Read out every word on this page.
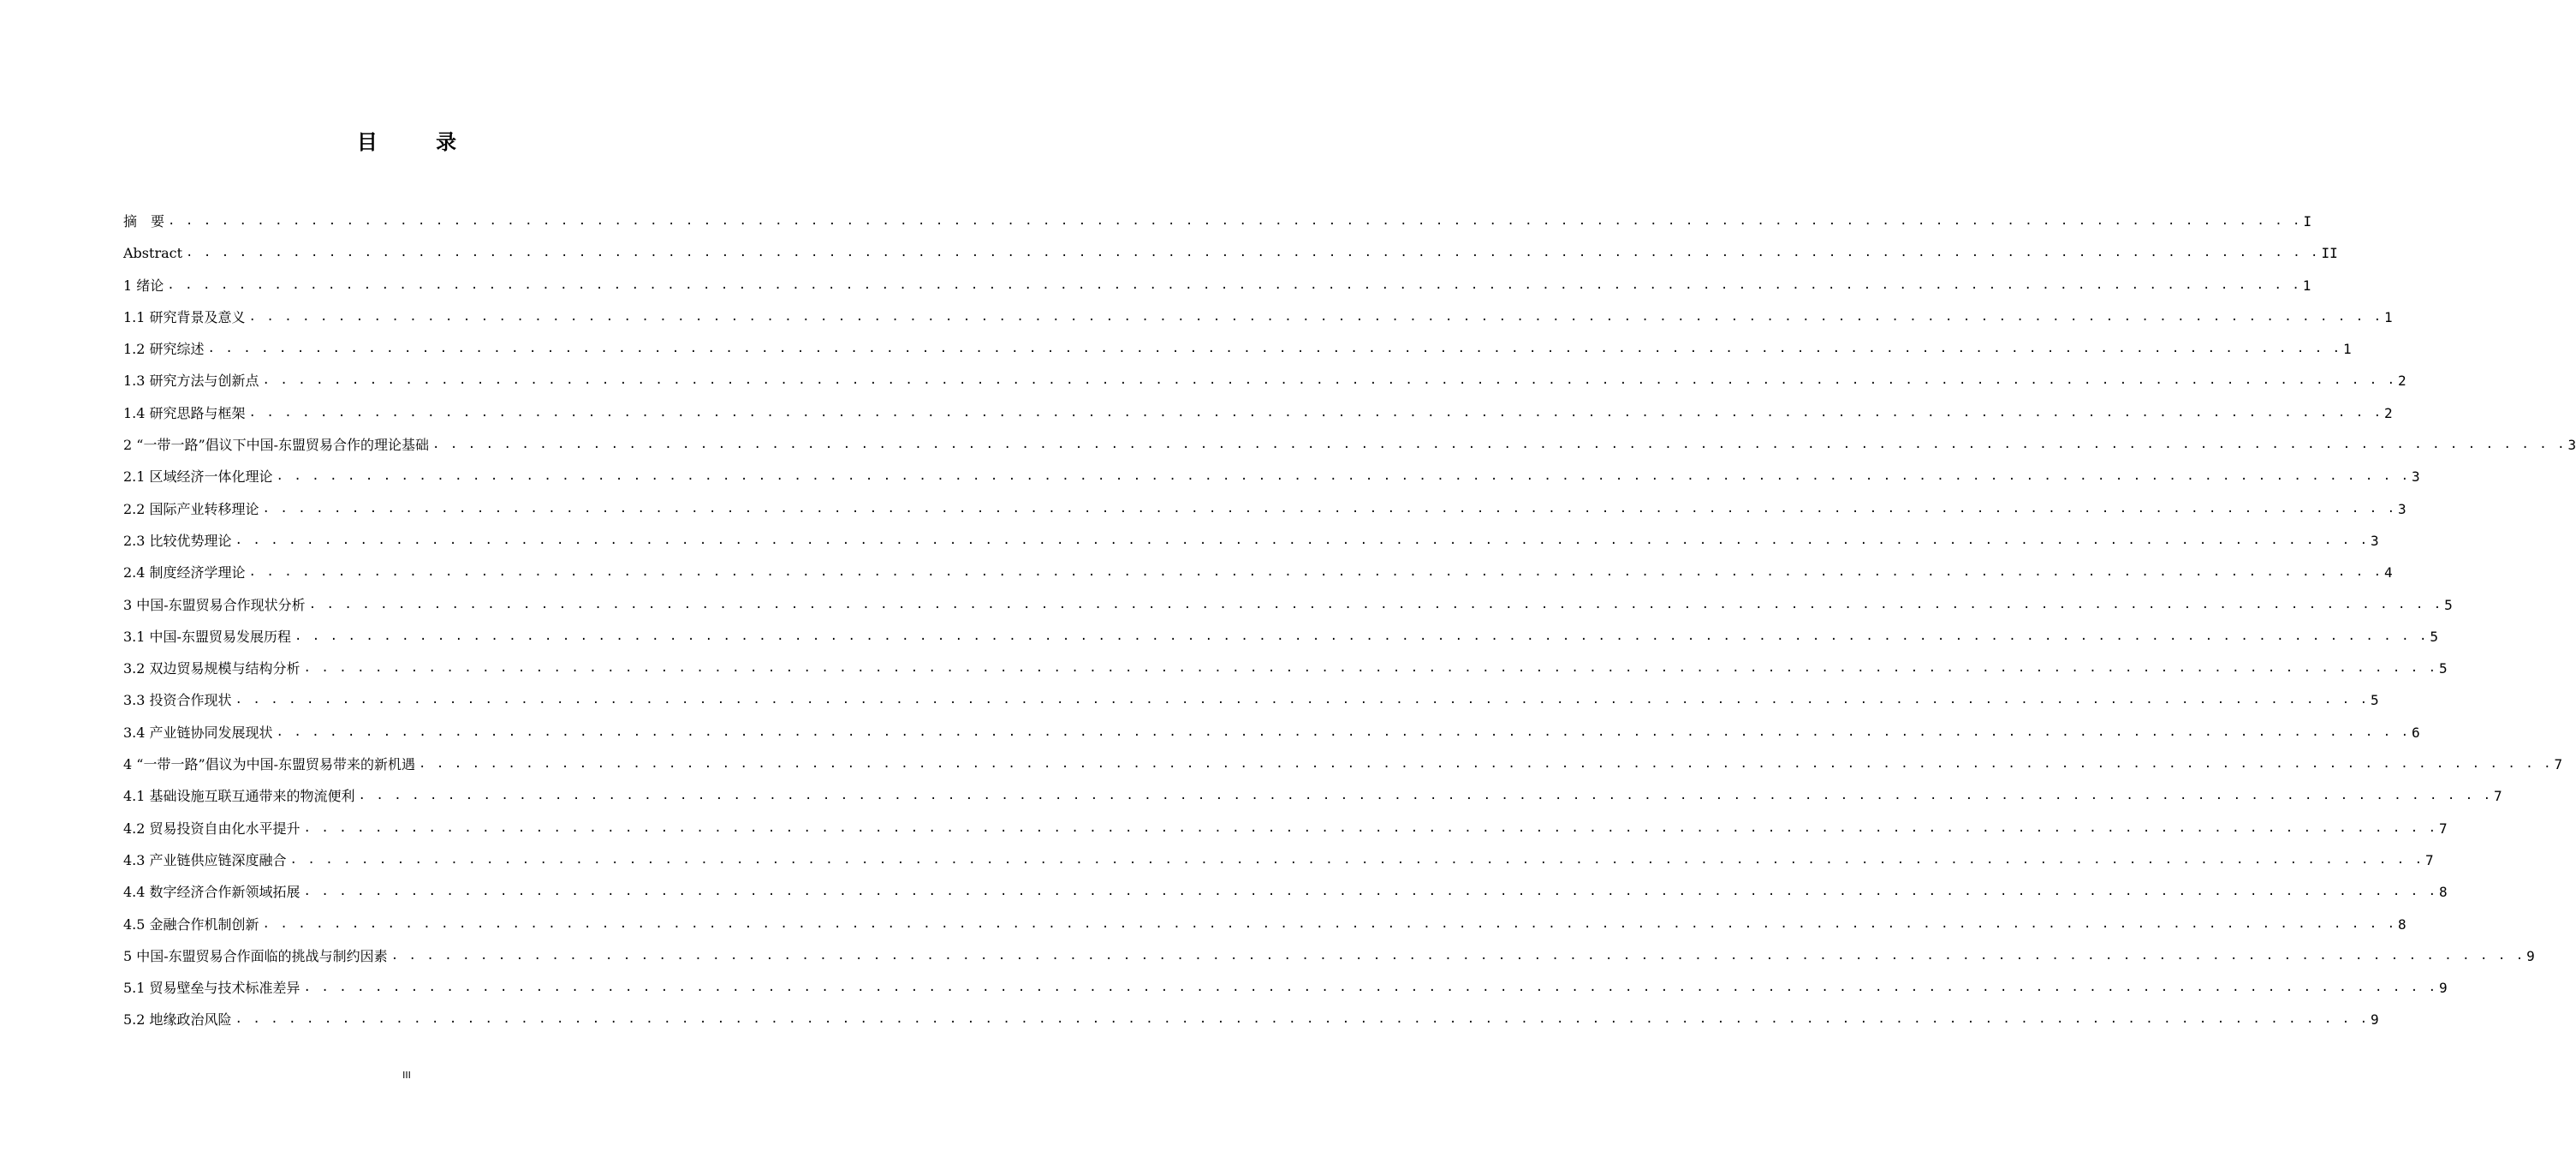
目 录
摘　要 . . . . . . . . . . . . . . . . . . . . . . . . . . . . . . . . . . . . . . . . . . . . . . . . . . . . . . . . . . . . . . . . . . . . . . . . . . . . . . . . . . . . . . . . . . . . . . . . . . . . . . . . . . . . . . . . . . . . . . . . I
Abstract . . . . . . . . . . . . . . . . . . . . . . . . . . . . . . . . . . . . . . . . . . . . . . . . . . . . . . . . . . . . . . . . . . . . . . . . . . . . . . . . . . . . . . . . . . . . . . . . . . . . . . . . . . . . . . . . . . . . . . . . II
1 绪论 . . . . . . . . . . . . . . . . . . . . . . . . . . . . . . . . . . . . . . . . . . . . . . . . . . . . . . . . . . . . . . . . . . . . . . . . . . . . . . . . . . . . . . . . . . . . . . . . . . . . . . . . . . . . . . . . . . . . . . . . 1
1.1 研究背景及意义 . . . . . . . . . . . . . . . . . . . . . . . . . . . . . . . . . . . . . . . . . . . . . . . . . . . . . . . . . . . . . . . . . . . . . . . . . . . . . . . . . . . . . . . . . . . . . . . . . . . . . . . . . . . . . . . . . . . . . . . . 1
1.2 研究综述 . . . . . . . . . . . . . . . . . . . . . . . . . . . . . . . . . . . . . . . . . . . . . . . . . . . . . . . . . . . . . . . . . . . . . . . . . . . . . . . . . . . . . . . . . . . . . . . . . . . . . . . . . . . . . . . . . . . . . . . . 1
1.3 研究方法与创新点 . . . . . . . . . . . . . . . . . . . . . . . . . . . . . . . . . . . . . . . . . . . . . . . . . . . . . . . . . . . . . . . . . . . . . . . . . . . . . . . . . . . . . . . . . . . . . . . . . . . . . . . . . . . . . . . . . . . . . . . . 2
1.4 研究思路与框架 . . . . . . . . . . . . . . . . . . . . . . . . . . . . . . . . . . . . . . . . . . . . . . . . . . . . . . . . . . . . . . . . . . . . . . . . . . . . . . . . . . . . . . . . . . . . . . . . . . . . . . . . . . . . . . . . . . . . . . . . 2
2 “一带一路”倡议下中国-东盟贸易合作的理论基础 . . . . . . . . . . . . . . . . . . . . . . . . . . . . . . . . . . . . . . . . . . . . . . . . . . . . . . . . . . . . . . . . . . . . . . . . . . . . . . . . . . . . . . . . . . . . . . . . . . . . . . . . . . . . . . . . . . . . . . . . 3
2.1 区域经济一体化理论 . . . . . . . . . . . . . . . . . . . . . . . . . . . . . . . . . . . . . . . . . . . . . . . . . . . . . . . . . . . . . . . . . . . . . . . . . . . . . . . . . . . . . . . . . . . . . . . . . . . . . . . . . . . . . . . . . . . . . . . . 3
2.2 国际产业转移理论 . . . . . . . . . . . . . . . . . . . . . . . . . . . . . . . . . . . . . . . . . . . . . . . . . . . . . . . . . . . . . . . . . . . . . . . . . . . . . . . . . . . . . . . . . . . . . . . . . . . . . . . . . . . . . . . . . . . . . . . . 3
2.3 比较优势理论 . . . . . . . . . . . . . . . . . . . . . . . . . . . . . . . . . . . . . . . . . . . . . . . . . . . . . . . . . . . . . . . . . . . . . . . . . . . . . . . . . . . . . . . . . . . . . . . . . . . . . . . . . . . . . . . . . . . . . . . . 3
2.4 制度经济学理论 . . . . . . . . . . . . . . . . . . . . . . . . . . . . . . . . . . . . . . . . . . . . . . . . . . . . . . . . . . . . . . . . . . . . . . . . . . . . . . . . . . . . . . . . . . . . . . . . . . . . . . . . . . . . . . . . . . . . . . . . 4
3 中国-东盟贸易合作现状分析 . . . . . . . . . . . . . . . . . . . . . . . . . . . . . . . . . . . . . . . . . . . . . . . . . . . . . . . . . . . . . . . . . . . . . . . . . . . . . . . . . . . . . . . . . . . . . . . . . . . . . . . . . . . . . . . . . . . . . . . . 5
3.1 中国-东盟贸易发展历程 . . . . . . . . . . . . . . . . . . . . . . . . . . . . . . . . . . . . . . . . . . . . . . . . . . . . . . . . . . . . . . . . . . . . . . . . . . . . . . . . . . . . . . . . . . . . . . . . . . . . . . . . . . . . . . . . . . . . . . . . 5
3.2 双边贸易规模与结构分析 . . . . . . . . . . . . . . . . . . . . . . . . . . . . . . . . . . . . . . . . . . . . . . . . . . . . . . . . . . . . . . . . . . . . . . . . . . . . . . . . . . . . . . . . . . . . . . . . . . . . . . . . . . . . . . . . . . . . . . . . 5
3.3 投资合作现状 . . . . . . . . . . . . . . . . . . . . . . . . . . . . . . . . . . . . . . . . . . . . . . . . . . . . . . . . . . . . . . . . . . . . . . . . . . . . . . . . . . . . . . . . . . . . . . . . . . . . . . . . . . . . . . . . . . . . . . . . 5
3.4 产业链协同发展现状 . . . . . . . . . . . . . . . . . . . . . . . . . . . . . . . . . . . . . . . . . . . . . . . . . . . . . . . . . . . . . . . . . . . . . . . . . . . . . . . . . . . . . . . . . . . . . . . . . . . . . . . . . . . . . . . . . . . . . . . . 6
4 “一带一路”倡议为中国-东盟贸易带来的新机遇 . . . . . . . . . . . . . . . . . . . . . . . . . . . . . . . . . . . . . . . . . . . . . . . . . . . . . . . . . . . . . . . . . . . . . . . . . . . . . . . . . . . . . . . . . . . . . . . . . . . . . . . . . . . . . . . . . . . . . . . . 7
4.1 基础设施互联互通带来的物流便利 . . . . . . . . . . . . . . . . . . . . . . . . . . . . . . . . . . . . . . . . . . . . . . . . . . . . . . . . . . . . . . . . . . . . . . . . . . . . . . . . . . . . . . . . . . . . . . . . . . . . . . . . . . . . . . . . . . . . . . . . 7
4.2 贸易投资自由化水平提升 . . . . . . . . . . . . . . . . . . . . . . . . . . . . . . . . . . . . . . . . . . . . . . . . . . . . . . . . . . . . . . . . . . . . . . . . . . . . . . . . . . . . . . . . . . . . . . . . . . . . . . . . . . . . . . . . . . . . . . . . 7
4.3 产业链供应链深度融合 . . . . . . . . . . . . . . . . . . . . . . . . . . . . . . . . . . . . . . . . . . . . . . . . . . . . . . . . . . . . . . . . . . . . . . . . . . . . . . . . . . . . . . . . . . . . . . . . . . . . . . . . . . . . . . . . . . . . . . . . 7
4.4 数字经济合作新领域拓展 . . . . . . . . . . . . . . . . . . . . . . . . . . . . . . . . . . . . . . . . . . . . . . . . . . . . . . . . . . . . . . . . . . . . . . . . . . . . . . . . . . . . . . . . . . . . . . . . . . . . . . . . . . . . . . . . . . . . . . . . 8
4.5 金融合作机制创新 . . . . . . . . . . . . . . . . . . . . . . . . . . . . . . . . . . . . . . . . . . . . . . . . . . . . . . . . . . . . . . . . . . . . . . . . . . . . . . . . . . . . . . . . . . . . . . . . . . . . . . . . . . . . . . . . . . . . . . . . 8
5 中国-东盟贸易合作面临的挑战与制约因素 . . . . . . . . . . . . . . . . . . . . . . . . . . . . . . . . . . . . . . . . . . . . . . . . . . . . . . . . . . . . . . . . . . . . . . . . . . . . . . . . . . . . . . . . . . . . . . . . . . . . . . . . . . . . . . . . . . . . . . . . 9
5.1 贸易壁垒与技术标准差异 . . . . . . . . . . . . . . . . . . . . . . . . . . . . . . . . . . . . . . . . . . . . . . . . . . . . . . . . . . . . . . . . . . . . . . . . . . . . . . . . . . . . . . . . . . . . . . . . . . . . . . . . . . . . . . . . . . . . . . . . 9
5.2 地缘政治风险 . . . . . . . . . . . . . . . . . . . . . . . . . . . . . . . . . . . . . . . . . . . . . . . . . . . . . . . . . . . . . . . . . . . . . . . . . . . . . . . . . . . . . . . . . . . . . . . . . . . . . . . . . . . . . . . . . . . . . . . . 9
III
